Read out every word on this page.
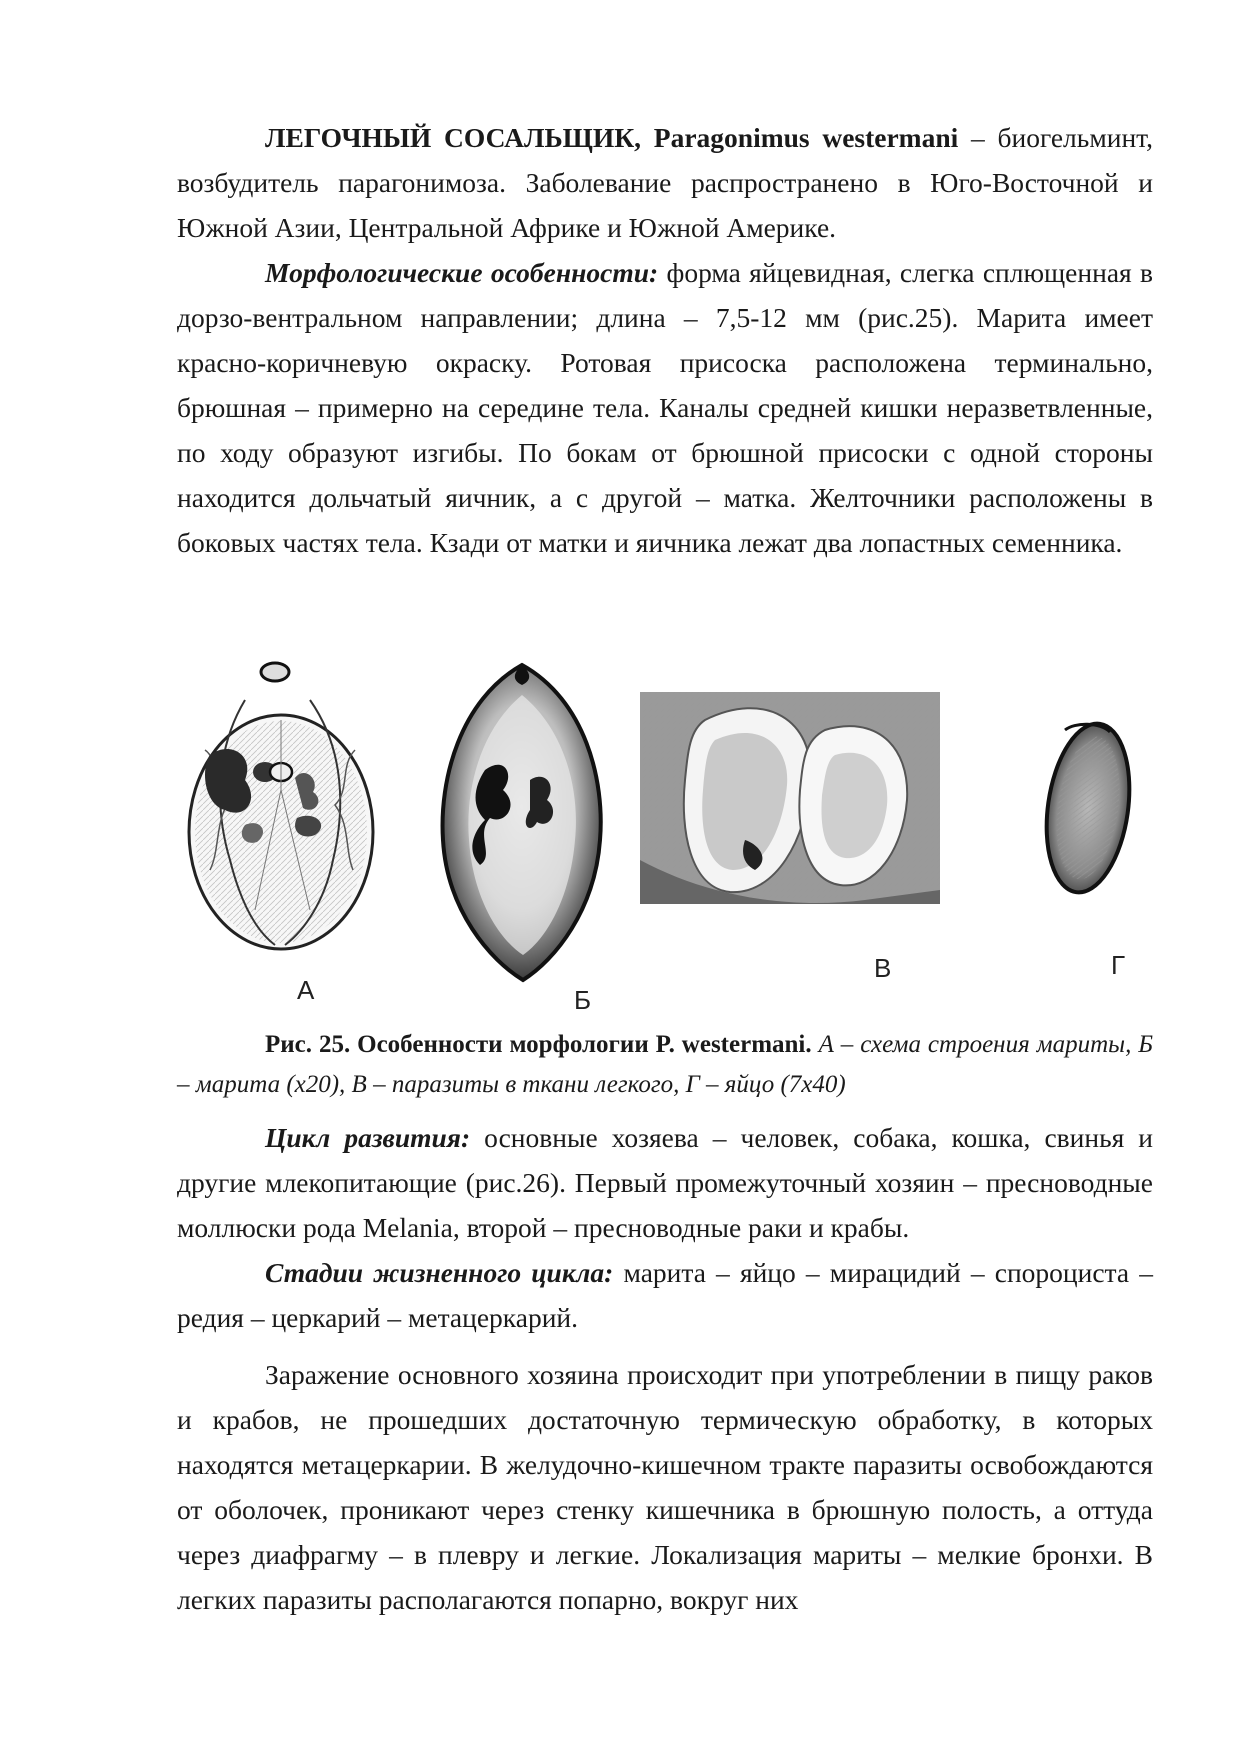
ЛЕГОЧНЫЙ СОСАЛЬЩИК, Paragonimus westermani – биогельминт, возбудитель парагонимоза. Заболевание распространено в Юго-Восточной и Южной Азии, Центральной Африке и Южной Америке.

Морфологические особенности: форма яйцевидная, слегка сплющенная в дорзо-вентральном направлении; длина – 7,5-12 мм (рис.25). Марита имеет красно-коричневую окраску. Ротовая присоска расположена терминально, брюшная – примерно на середине тела. Каналы средней кишки неразветвленные, по ходу образуют изгибы. По бокам от брюшной присоски с одной стороны находится дольчатый яичник, а с другой – матка. Желточники расположены в боковых частях тела. Кзади от матки и яичника лежат два лопастных семенника.

А	Б
В	Г

Рис. 25. Особенности морфологии P. westermani. А – схема строения мариты, Б – марита (х20), В – паразиты в ткани легкого, Г – яйцо (7х40)

Цикл развития: основные хозяева – человек, собака, кошка, свинья и другие млекопитающие (рис.26). Первый промежуточный хозяин – пресноводные моллюски рода Melania, второй – пресноводные раки и крабы.

Стадии жизненного цикла: марита – яйцо – мирацидий – спороциста – редия – церкарий – метацеркарий.

Заражение основного хозяина происходит при употреблении в пищу раков и крабов, не прошедших достаточную термическую обработку, в которых находятся метацеркарии. В желудочно-кишечном тракте паразиты освобождаются от оболочек, проникают через стенку кишечника в брюшную полость, а оттуда через диафрагму – в плевру и легкие. Локализация мариты – мелкие бронхи. В легких паразиты располагаются попарно, вокруг них
